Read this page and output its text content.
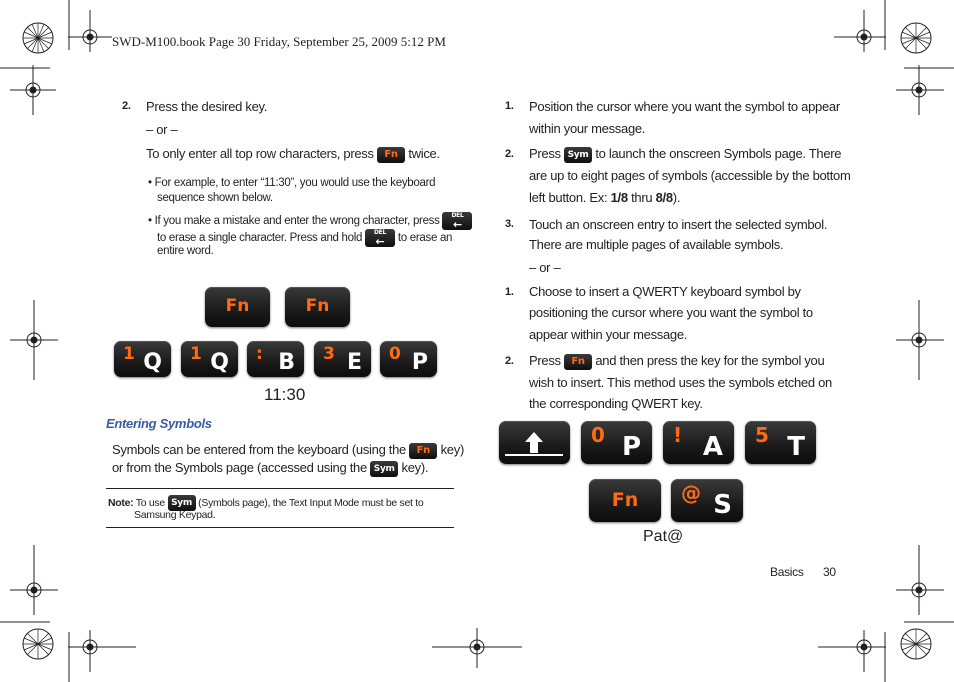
SWD-M100.book Page 30 Friday, September 25, 2009 5:12 PM
2. Press the desired key.
– or –
To only enter all top row characters, press Fn twice.
• For example, to enter “11:30”, you would use the keyboard
sequence shown below.
• If you make a mistake and enter the wrong character, press	DEL
←
to erase a single character. Press and hold	DEL
←	to erase an
entire word.
Fn	Fn
1 Q 1 Q : B 3 E 0 P
11:30
Entering Symbols
Symbols can be entered from the keyboard (using the Fn key)
or from the Symbols page (accessed using the Sym key).
Note: To use Sym (Symbols page), the Text Input Mode must be set to
Samsung Keypad.
1. Position the cursor where you want the symbol to appear
within your message.
2. Press Sym to launch the onscreen Symbols page. There
are up to eight pages of symbols (accessible by the bottom
left button. Ex: 1/8 thru 8/8).
3. Touch an onscreen entry to insert the selected symbol.
There are multiple pages of available symbols.
– or –
1. Choose to insert a QWERTY keyboard symbol by
positioning the cursor where you want the symbol to
appear within your message.
2. Press Fn and then press the key for the symbol you
wish to insert. This method uses the symbols etched on
the corresponding QWERT key.
0 P ! A 5 T
Fn	@ S
Pat@
Basics 30
